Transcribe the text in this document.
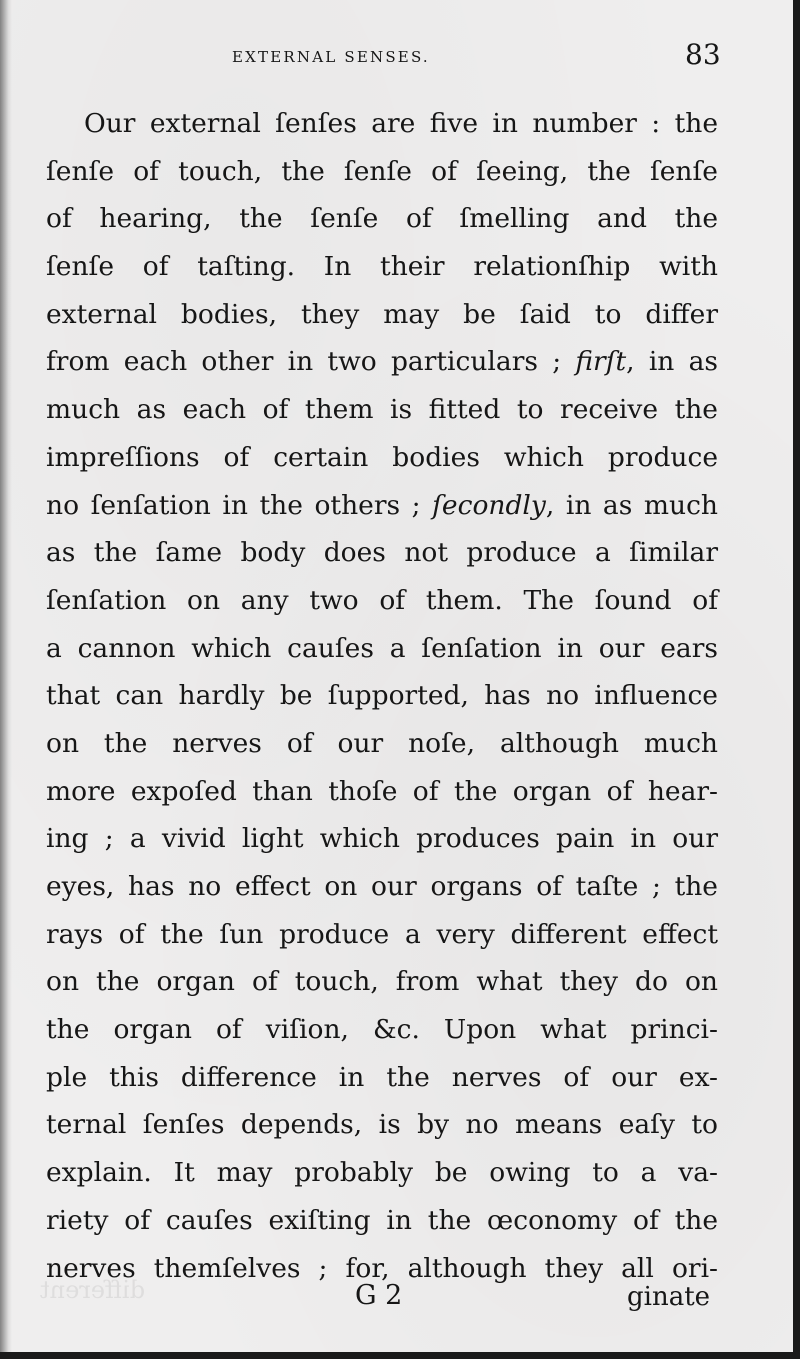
different
EXTERNAL SENSES.	83
Our external ſenſes are five in number : the
ſenſe of touch, the ſenſe of ſeeing, the ſenſe
of hearing, the ſenſe of ſmelling and the
ſenſe of taſting. In their relationſhip with
external bodies, they may be ſaid to differ
from each other in two particulars ; firſt, in as
much as each of them is fitted to receive the
impreſſions of certain bodies which produce
no ſenſation in the others ; ſecondly, in as much
as the ſame body does not produce a ſimilar
ſenſation on any two of them. The ſound of
a cannon which cauſes a ſenſation in our ears
that can hardly be ſupported, has no influence
on the nerves of our noſe, although much
more expoſed than thoſe of the organ of hear-
ing ; a vivid light which produces pain in our
eyes, has no effect on our organs of taſte ; the
rays of the ſun produce a very different effect
on the organ of touch, from what they do on
the organ of viſion, &c. Upon what princi-
ple this difference in the nerves of our ex-
ternal ſenſes depends, is by no means eaſy to
explain. It may probably be owing to a va-
riety of cauſes exiſting in the œconomy of the
nerves themſelves ; for, although they all ori-
G 2	ginate
